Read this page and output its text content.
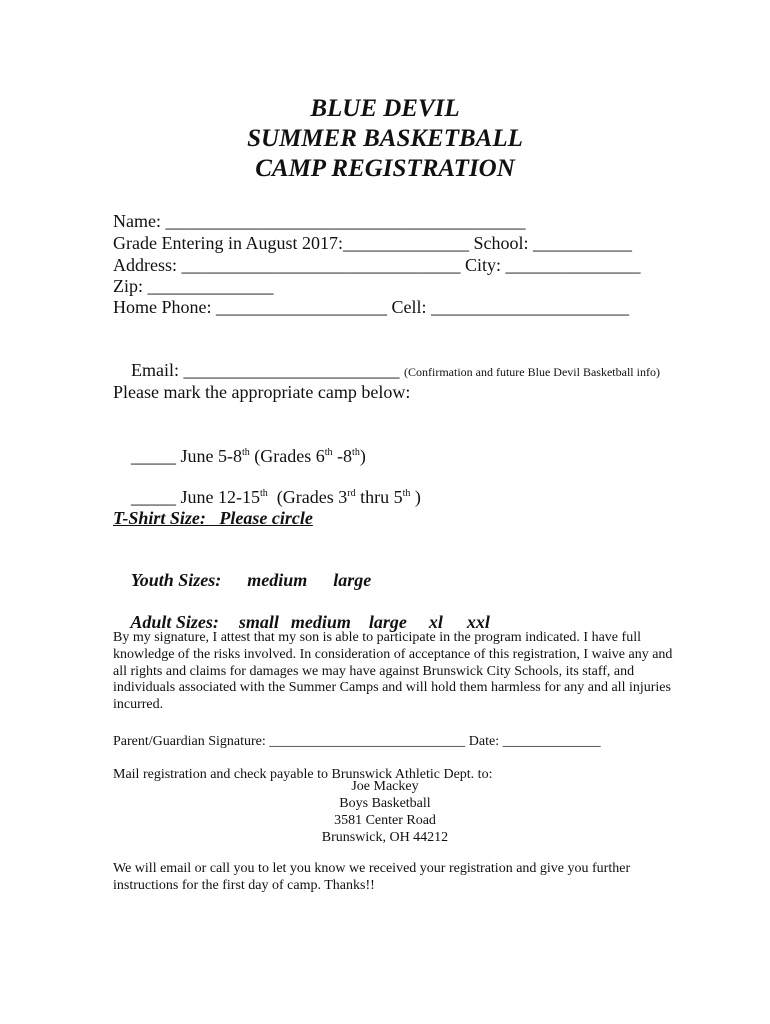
BLUE DEVIL
SUMMER BASKETBALL
CAMP REGISTRATION
Name: ________________________________________
Grade Entering in August 2017:______________ School: ___________
Address: _______________________________ City: _______________
Zip: ______________
Home Phone: ___________________ Cell: ______________________

Email: ________________________ (Confirmation and future Blue Devil Basketball info)

Please mark the appropriate camp below:

_____ June 5-8th (Grades 6th -8th)

_____ June 12-15th  (Grades 3rd thru 5th )

T-Shirt Size:   Please circle

Youth Sizes: medium large

Adult Sizes: small medium large xl xxl

By my signature, I attest that my son is able to participate in the program indicated. I have full knowledge of the risks involved. In consideration of acceptance of this registration, I waive any and all rights and claims for damages we may have against Brunswick City Schools, its staff, and individuals associated with the Summer Camps and will hold them harmless for any and all injuries incurred.
Parent/Guardian Signature: ____________________________ Date: ______________
Mail registration and check payable to Brunswick Athletic Dept. to:
Joe Mackey
Boys Basketball
3581 Center Road
Brunswick, OH 44212
We will email or call you to let you know we received your registration and give you further instructions for the first day of camp. Thanks!!
